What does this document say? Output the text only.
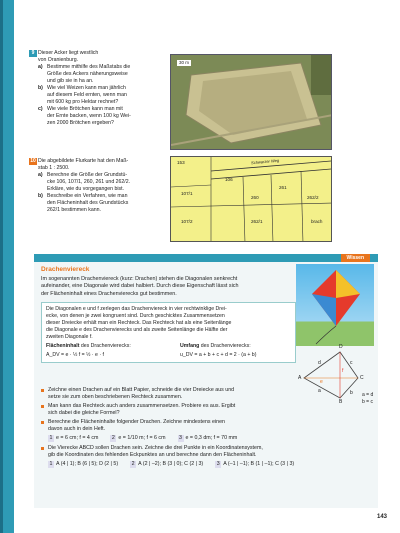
9 Dieser Acker liegt westlich
von Oranienburg.
a) Bestimme mithilfe des Maßstabs die
Größe des Ackers näherungsweise
und gib sie in ha an.
b) Wie viel Weizen kann man jährlich
auf diesem Feld ernten, wenn man
mit 600 kg pro Hektar rechnet?
c) Wie viele Brötchen kann man mit
der Ernte backen, wenn 100 kg Wei-
zen 2000 Brötchen ergeben?
30 m
10 Die abgebildete Flurkarte hat den Maß-
stab 1 : 2500.
a) Berechne die Größe der Grundstü-
cke 106, 107/1, 260, 261 und 262/2.
Erkläre, wie du vorgegangen bist.
b) Beschreibe ein Verfahren, wie man
den Flächeninhalt des Grundstücks
262/1 bestimmen kann.
153	Schwarzer Weg
106
107/1
260
261
262/2
107/2	262/1	brach
Wissen
Drachenviereck
Im sogenannten Drachenviereck (kurz: Drachen) stehen die Diagonalen senkrecht
aufeinander, eine Diagonale wird dabei halbiert. Durch diese Eigenschaft lässt sich
der Flächeninhalt eines Drachenvierecks gut bestimmen.
Die Diagonalen e und f zerlegen das Drachenviereck in vier rechtwinklige Drei-
ecke, von denen je zwei kongruent sind. Durch geschicktes Zusammensetzen
dieser Dreiecke erhält man ein Rechteck. Das Rechteck hat als eine Seitenlänge
die Diagonale e des Drachenvierecks und als zweite Seitenlänge die Hälfte der
zweiten Diagonale f.
Flächeninhalt des Drachenvierecks:	Umfang des Drachenvierecks:
A_DV = e · ½ f = ½ · e · f	u_DV = a + b + c + d = 2 · (a + b)
A
B
C
D
a	b
c
d
e
f
a = d
b = c
Zeichne einen Drachen auf ein Blatt Papier, schneide die vier Dreiecke aus und
setze sie zum oben beschriebenen Rechteck zusammen.
Man kann das Rechteck auch anders zusammensetzen. Probiere es aus. Ergibt
sich dabei die gleiche Formel?
Berechne die Flächeninhalte folgender Drachen. Zeichne mindestens einen
davon auch in dein Heft.
1 e = 6 cm; f = 4 cm	2 e = 1/10 m; f = 6 cm	3 e = 0,3 dm; f = 70 mm
Die Vierecke ABCD sollen Drachen sein. Zeichne die drei Punkte in ein Koordinatensystem,
gib die Koordinaten des fehlenden Eckpunktes an und berechne dann den Flächeninhalt.
1 A (4 | 1); B (6 | 5); D (2 | 5)	2 A (2 | –2); B (3 | 0); C (2 | 3)	3 A (–1 | –1); B (1 | –1); C (3 | 3)
143
